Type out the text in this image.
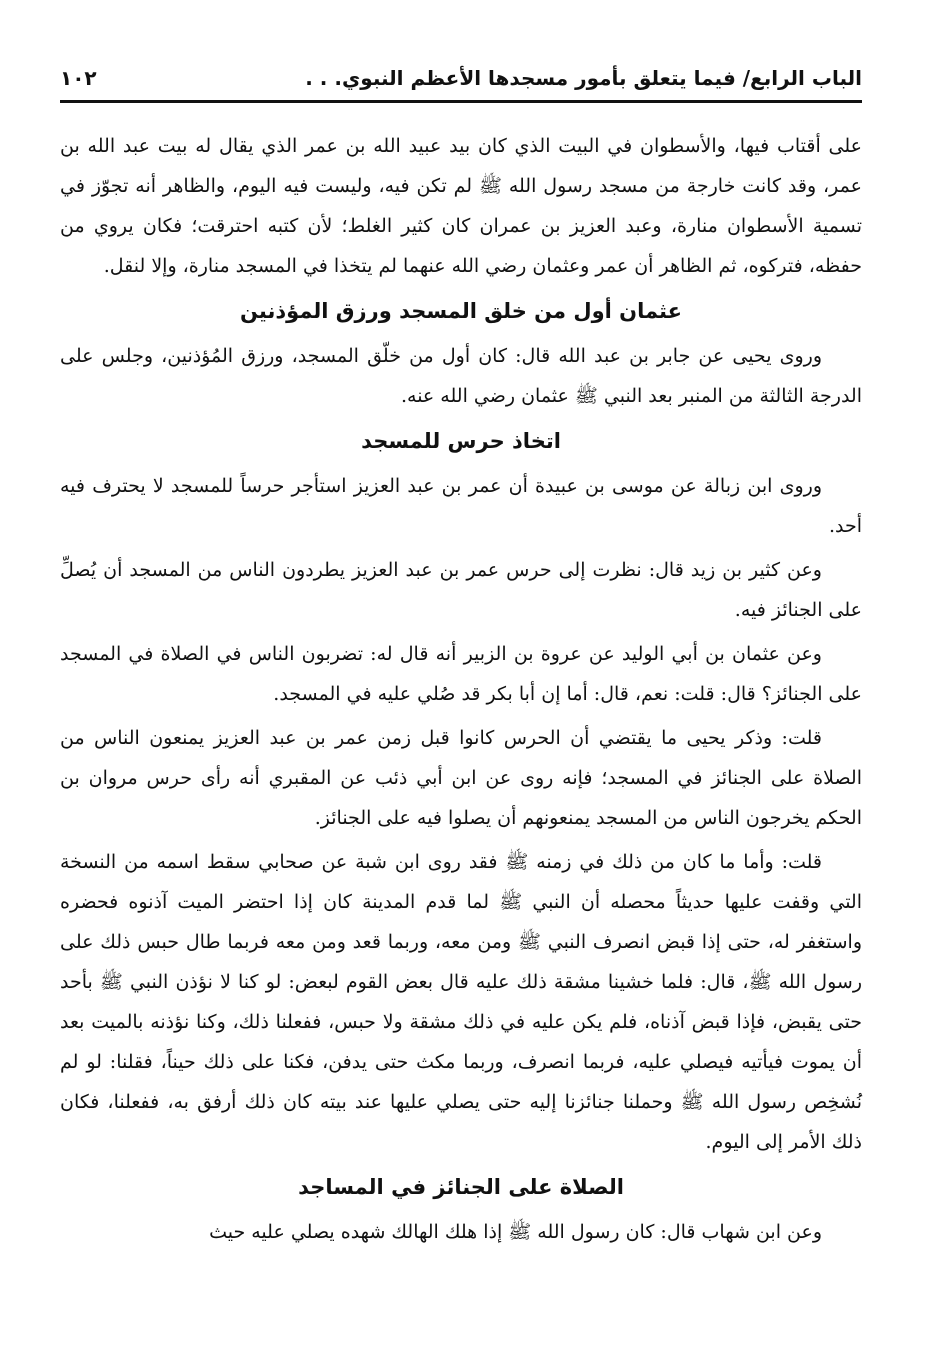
الباب الرابع/ فيما يتعلق بأمور مسجدها الأعظم النبوي. . .
١٠٢

على أقتاب فيها، والأسطوان في البيت الذي كان بيد عبيد الله بن عمر الذي يقال له بيت عبد الله بن عمر، وقد كانت خارجة من مسجد رسول الله ﷺ لم تكن فيه، وليست فيه اليوم، والظاهر أنه تجوّز في تسمية الأسطوان منارة، وعبد العزيز بن عمران كان كثير الغلط؛ لأن كتبه احترقت؛ فكان يروي من حفظه، فتركوه، ثم الظاهر أن عمر وعثمان رضي الله عنهما لم يتخذا في المسجد منارة، وإلا لنقل.

عثمان أول من خلق المسجد ورزق المؤذنين

وروى يحيى عن جابر بن عبد الله قال: كان أول من خلّق المسجد، ورزق المُؤذنين، وجلس على الدرجة الثالثة من المنبر بعد النبي ﷺ عثمان رضي الله عنه.

اتخاذ حرس للمسجد

وروى ابن زبالة عن موسى بن عبيدة أن عمر بن عبد العزيز استأجر حرساً للمسجد لا يحترف فيه أحد.

وعن كثير بن زيد قال: نظرت إلى حرس عمر بن عبد العزيز يطردون الناس من المسجد أن يُصلِّ على الجنائز فيه.

وعن عثمان بن أبي الوليد عن عروة بن الزبير أنه قال له: تضربون الناس في الصلاة في المسجد على الجنائز؟ قال: قلت: نعم، قال: أما إن أبا بكر قد صُلي عليه في المسجد.

قلت: وذكر يحيى ما يقتضي أن الحرس كانوا قبل زمن عمر بن عبد العزيز يمنعون الناس من الصلاة على الجنائز في المسجد؛ فإنه روى عن ابن أبي ذئب عن المقبري أنه رأى حرس مروان بن الحكم يخرجون الناس من المسجد يمنعونهم أن يصلوا فيه على الجنائز.

قلت: وأما ما كان من ذلك في زمنه ﷺ فقد روى ابن شبة عن صحابي سقط اسمه من النسخة التي وقفت عليها حديثاً محصله أن النبي ﷺ لما قدم المدينة كان إذا احتضر الميت آذنوه فحضره واستغفر له، حتى إذا قبض انصرف النبي ﷺ ومن معه، وربما قعد ومن معه فربما طال حبس ذلك على رسول الله ﷺ، قال: فلما خشينا مشقة ذلك عليه قال بعض القوم لبعض: لو كنا لا نؤذن النبي ﷺ بأحد حتى يقبض، فإذا قبض آذناه، فلم يكن عليه في ذلك مشقة ولا حبس، ففعلنا ذلك، وكنا نؤذنه بالميت بعد أن يموت فيأتيه فيصلي عليه، فربما انصرف، وربما مكث حتى يدفن، فكنا على ذلك حيناً، فقلنا: لو لم نُشخِص رسول الله ﷺ وحملنا جنائزنا إليه حتى يصلي عليها عند بيته كان ذلك أرفق به، ففعلنا، فكان ذلك الأمر إلى اليوم.

الصلاة على الجنائز في المساجد

وعن ابن شهاب قال: كان رسول الله ﷺ إذا هلك الهالك شهده يصلي عليه حيث
